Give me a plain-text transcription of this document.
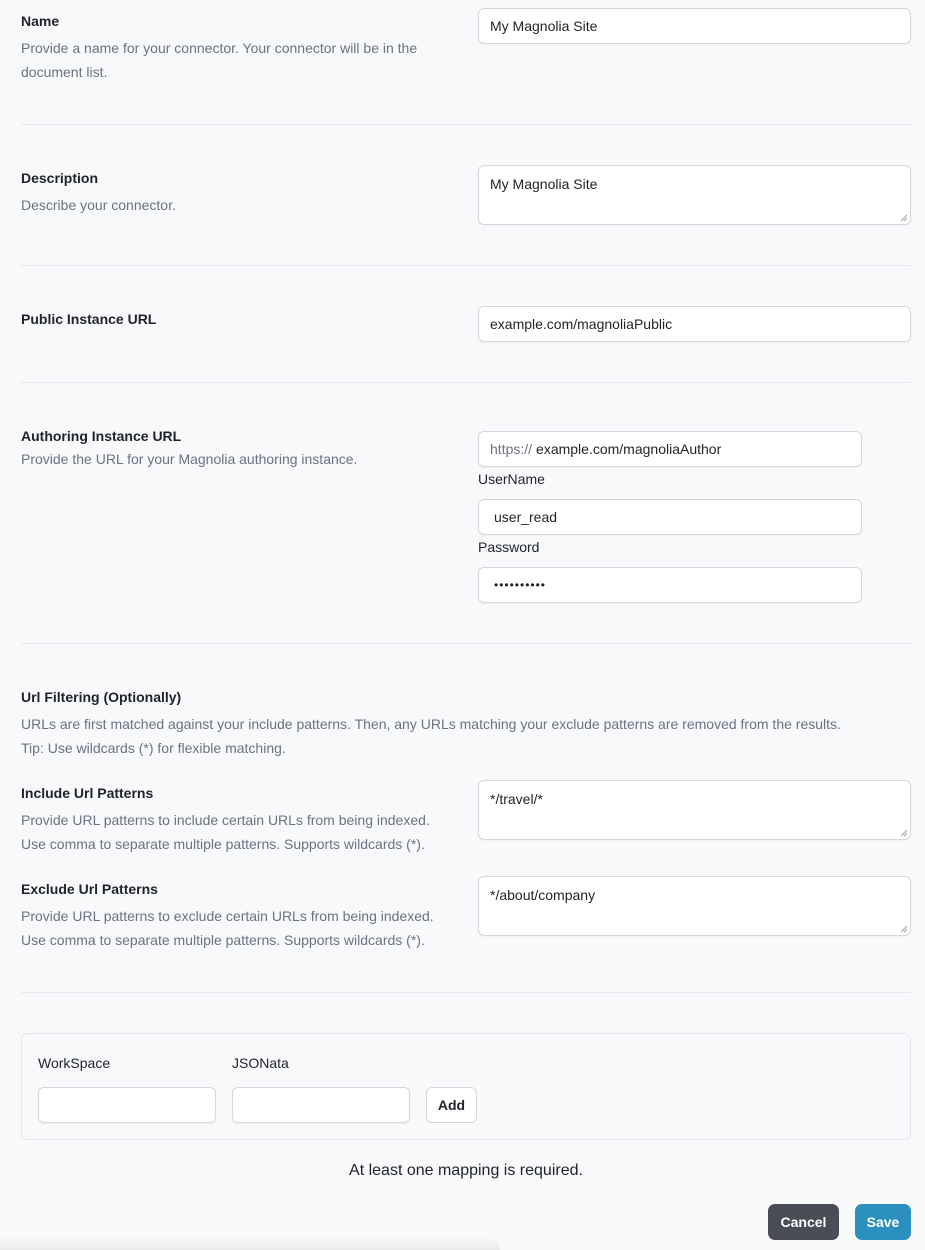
Name
Provide a name for your connector. Your connector will be in the document list.
My Magnolia Site
Description
Describe your connector.
My Magnolia Site
Public Instance URL	example.com/magnoliaPublic
Authoring Instance URL
Provide the URL for your Magnolia authoring instance.
https:// example.com/magnoliaAuthor
UserName
user_read
Password
••••••••••
Url Filtering (Optionally)
URLs are first matched against your include patterns. Then, any URLs matching your exclude patterns are removed from the results.
Tip: Use wildcards (*) for flexible matching.
Include Url Patterns
Provide URL patterns to include certain URLs from being indexed.
Use comma to separate multiple patterns. Supports wildcards (*).
*/travel/*
Exclude Url Patterns
Provide URL patterns to exclude certain URLs from being indexed.
Use comma to separate multiple patterns. Supports wildcards (*).
*/about/company
WorkSpace	JSONata
Add
At least one mapping is required.
Cancel	Save
